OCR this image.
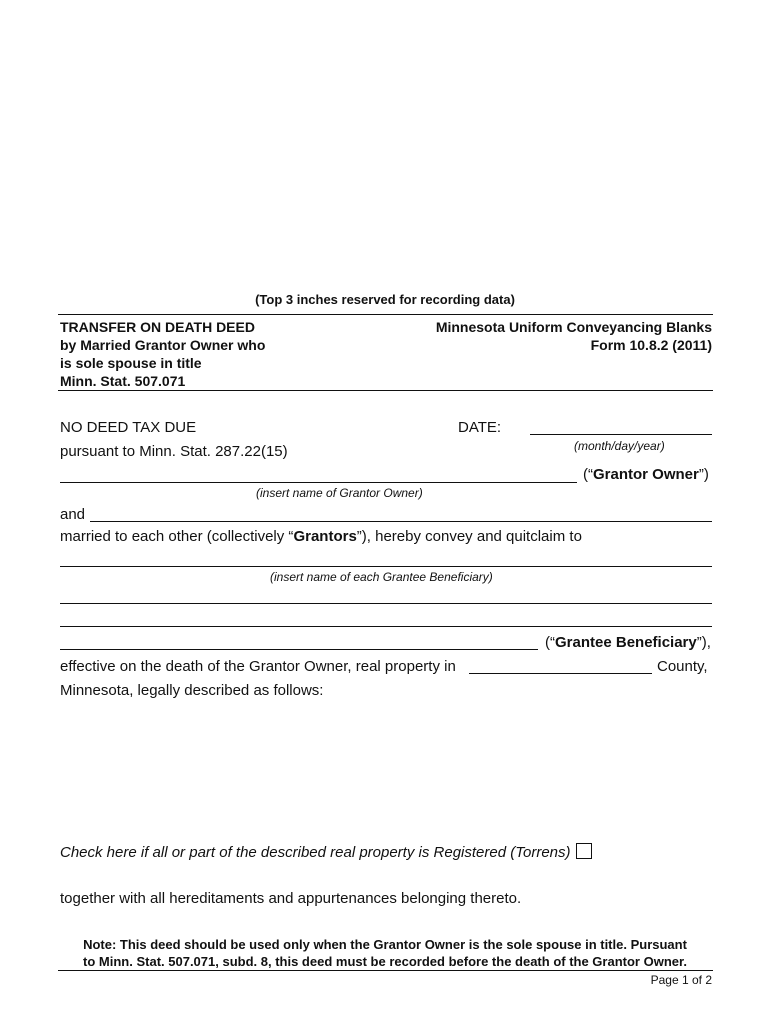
(Top 3 inches reserved for recording data)
TRANSFER ON DEATH DEED
by Married Grantor Owner who
is sole spouse in title
Minn. Stat. 507.071
Minnesota Uniform Conveyancing Blanks
Form 10.8.2 (2011)
NO DEED TAX DUE
pursuant to Minn. Stat. 287.22(15)
DATE:
(month/day/year)
(“Grantor Owner”)
(insert name of Grantor Owner)
and
married to each other (collectively “Grantors”), hereby convey and quitclaim to
(insert name of each Grantee Beneficiary)
(“Grantee Beneficiary”),
effective on the death of the Grantor Owner, real property in	County,
Minnesota, legally described as follows:
Check here if all or part of the described real property is Registered (Torrens)
together with all hereditaments and appurtenances belonging thereto.
Note: This deed should be used only when the Grantor Owner is the sole spouse in title. Pursuant
to Minn. Stat. 507.071, subd. 8, this deed must be recorded before the death of the Grantor Owner.
Page 1 of 2
